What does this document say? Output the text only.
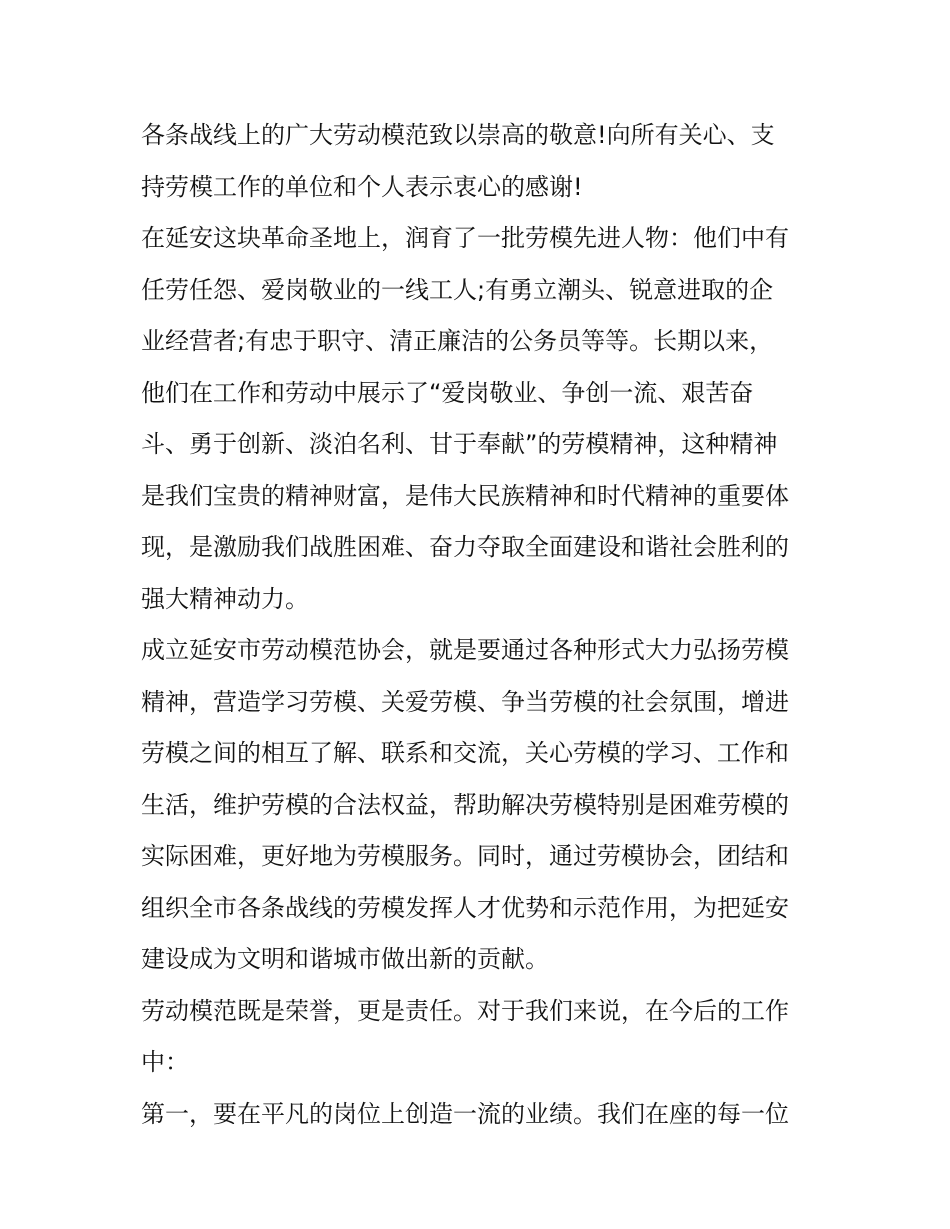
各条战线上的广大劳动模范致以崇高的敬意!向所有关心、支
持劳模工作的单位和个人表示衷心的感谢!
在延安这块革命圣地上，润育了一批劳模先进人物：他们中有
任劳任怨、爱岗敬业的一线工人;有勇立潮头、锐意进取的企
业经营者;有忠于职守、清正廉洁的公务员等等。长期以来，
他们在工作和劳动中展示了“爱岗敬业、争创一流、艰苦奋
斗、勇于创新、淡泊名利、甘于奉献”的劳模精神，这种精神
是我们宝贵的精神财富，是伟大民族精神和时代精神的重要体
现，是激励我们战胜困难、奋力夺取全面建设和谐社会胜利的
强大精神动力。
成立延安市劳动模范协会，就是要通过各种形式大力弘扬劳模
精神，营造学习劳模、关爱劳模、争当劳模的社会氛围，增进
劳模之间的相互了解、联系和交流，关心劳模的学习、工作和
生活，维护劳模的合法权益，帮助解决劳模特别是困难劳模的
实际困难，更好地为劳模服务。同时，通过劳模协会，团结和
组织全市各条战线的劳模发挥人才优势和示范作用，为把延安
建设成为文明和谐城市做出新的贡献。
劳动模范既是荣誉，更是责任。对于我们来说，在今后的工作
中：
第一，要在平凡的岗位上创造一流的业绩。我们在座的每一位
